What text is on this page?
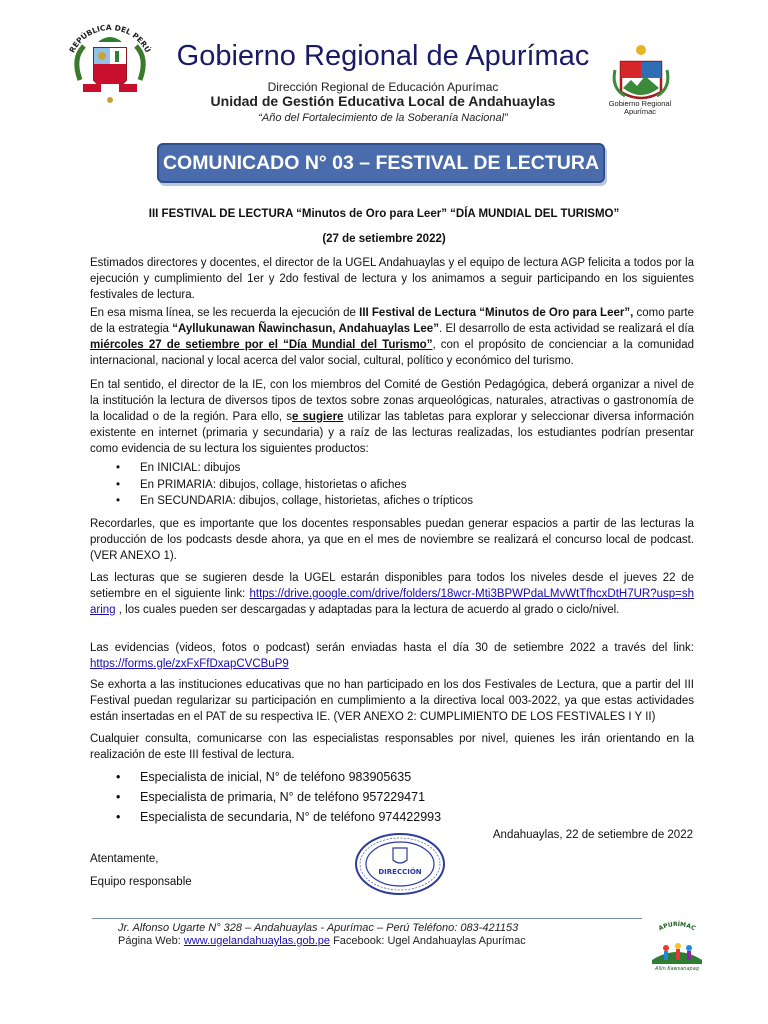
REPÚBLICA DEL PERÚ Gobierno Regional de Apurímac
Dirección Regional de Educación Apurímac
Unidad de Gestión Educativa Local de Andahuaylas
“Año del Fortalecimiento de la Soberanía Nacional”
Gobierno Regional
Apurímac
COMUNICADO N° 03 – FESTIVAL DE LECTURA
III FESTIVAL DE LECTURA “Minutos de Oro para Leer” “DÍA MUNDIAL DEL TURISMO”
(27 de setiembre 2022)
Estimados directores y docentes, el director de la UGEL Andahuaylas y el equipo de lectura AGP felicita a todos por la ejecución y cumplimiento del 1er y 2do festival de lectura y los animamos a seguir participando en los siguientes festivales de lectura.
En esa misma línea, se les recuerda la ejecución de III Festival de Lectura “Minutos de Oro para Leer”, como parte de la estrategia “Ayllukunawan Ñawinchasun, Andahuaylas Lee”. El desarrollo de esta actividad se realizará el día miércoles 27 de setiembre por el “Día Mundial del Turismo”, con el propósito de concienciar a la comunidad internacional, nacional y local acerca del valor social, cultural, político y económico del turismo.
En tal sentido, el director de la IE, con los miembros del Comité de Gestión Pedagógica, deberá organizar a nivel de la institución la lectura de diversos tipos de textos sobre zonas arqueológicas, naturales, atractivas o gastronomía de la localidad o de la región. Para ello, se sugiere utilizar las tabletas para explorar y seleccionar diversa información existente en internet (primaria y secundaria) y a raíz de las lecturas realizadas, los estudiantes podrían presentar como evidencia de su lectura los siguientes productos:
• En INICIAL: dibujos
• En PRIMARIA: dibujos, collage, historietas o afiches
• En SECUNDARIA: dibujos, collage, historietas, afiches o trípticos
Recordarles, que es importante que los docentes responsables puedan generar espacios a partir de las lecturas la producción de los podcasts desde ahora, ya que en el mes de noviembre se realizará el concurso local de podcast. (VER ANEXO 1).
Las lecturas que se sugieren desde la UGEL estarán disponibles para todos los niveles desde el jueves 22 de setiembre en el siguiente link: https://drive.google.com/drive/folders/18wcr-Mti3BPWPdaLMvWtTfhcxDtH7UR?usp=sharing , los cuales pueden ser descargadas y adaptadas para la lectura de acuerdo al grado o ciclo/nivel.
Las evidencias (videos, fotos o podcast) serán enviadas hasta el día 30 de setiembre 2022 a través del link: https://forms.gle/zxFxFfDxapCVCBuP9
Se exhorta a las instituciones educativas que no han participado en los dos Festivales de Lectura, que a partir del III Festival puedan regularizar su participación en cumplimiento a la directiva local 003-2022, ya que estas actividades están insertadas en el PAT de su respectiva IE. (VER ANEXO 2: CUMPLIMIENTO DE LOS FESTIVALES I Y II)
Cualquier consulta, comunicarse con las especialistas responsables por nivel, quienes les irán orientando en la realización de este III festival de lectura.
• Especialista de inicial, N° de teléfono 983905635
• Especialista de primaria, N° de teléfono 957229471
• Especialista de secundaria, N° de teléfono 974422993
Andahuaylas, 22 de setiembre de 2022
Atentamente,
Equipo responsable
DIRECCIÓN
Jr. Alfonso Ugarte N° 328 – Andahuaylas - Apurímac – Perú Teléfono: 083-421153
Página Web: www.ugelandahuaylas.gob.pe Facebook: Ugel Andahuaylas Apurímac
APURÍMAC
Allin Kawsanapaq
